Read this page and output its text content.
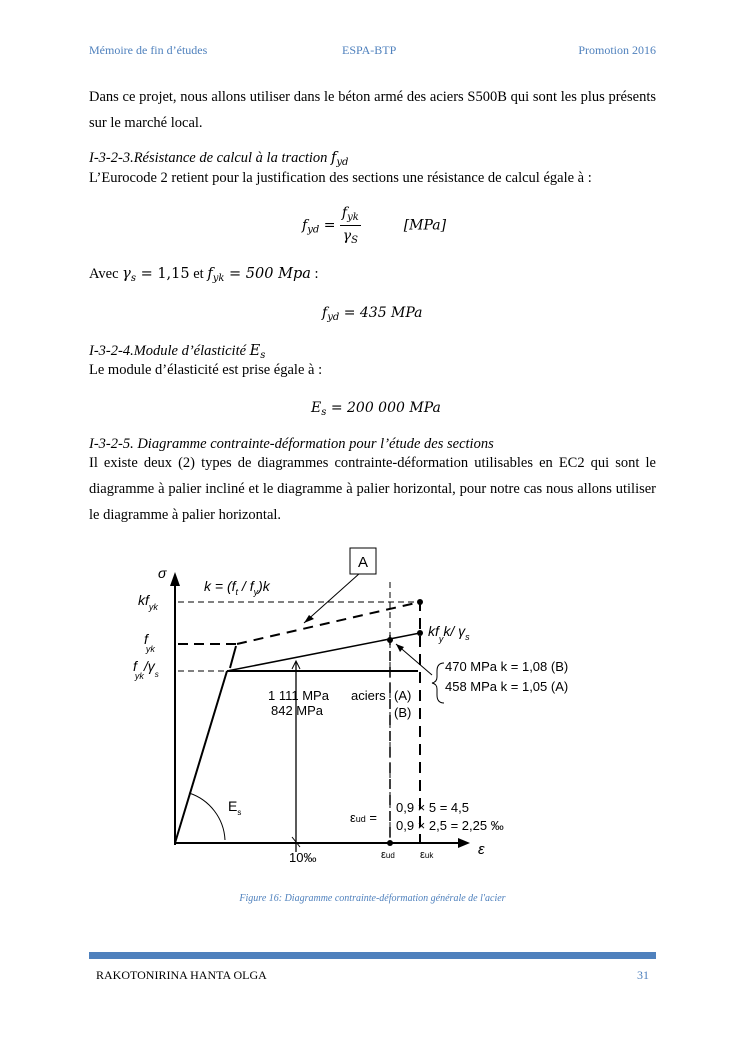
Mémoire de fin d’études	ESPA-BTP	Promotion 2016
Dans ce projet, nous allons utiliser dans le béton armé des aciers S500B qui sont les plus présents sur le marché local.
I-3-2-3.Résistance de calcul à la traction $f_{yd}$
L’Eurocode 2 retient pour la justification des sections une résistance de calcul égale à :
$f_{yd} = \frac{f_{yk}}{\gamma_S}$	[MPa]
Avec $\gamma_s = 1,15$ et $f_{yk} = 500$ Mpa :
$f_{yd} = 435$ MPa
I-3-2-4.Module d’élasticité $E_s$
Le module d’élasticité est prise égale à :
$E_s = 200$ 000 MPa
I-3-2-5. Diagramme contrainte-déformation pour l’étude des sections
Il existe deux (2) types de diagrammes contrainte-déformation utilisables en EC2 qui sont le diagramme à palier incliné et le diagramme à palier horizontal, pour notre cas nous allons utiliser le diagramme à palier horizontal.
A
σ
ε
$kf_{yk}$
f yk
f $yk/\gamma_s$
$k = (f_t / f_y)k$
$kf_yk/$ $\gamma_s$
470 MPa k = 1,08 (B)
458 MPa k = 1,05 (A)
1 111 MPa
842 MPa
aciers (A)
(B)
$E_s$	εud =
0,9 × 5 = 4,5
0,9 × 2,5 = 2,25 ‰
10‰	εud εuk
Figure 16: Diagramme contrainte-déformation générale de l'acier
RAKOTONIRINA HANTA OLGA	31
